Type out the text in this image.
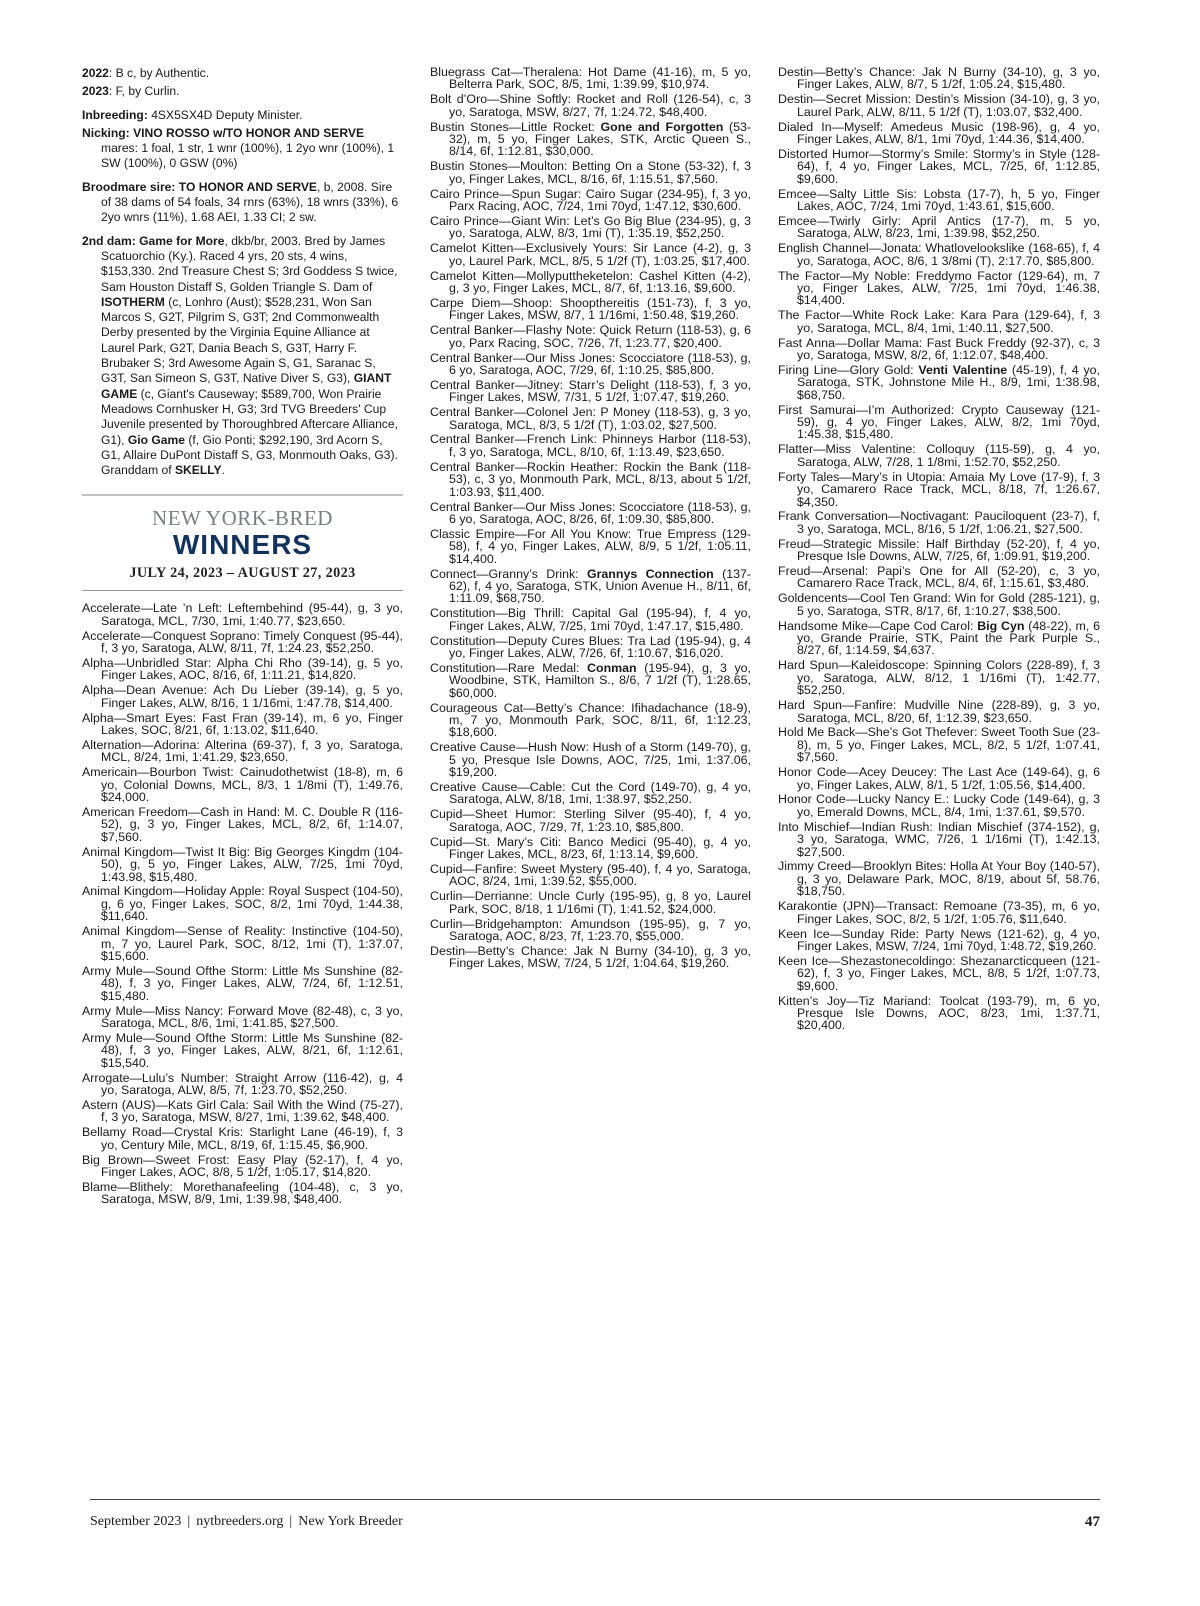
2022: B c, by Authentic.

2023: F, by Curlin.

Inbreeding: 4SX5SX4D Deputy Minister.

Nicking: VINO ROSSO w/TO HONOR AND SERVE mares: 1 foal, 1 str, 1 wnr (100%), 1 2yo wnr (100%), 1 SW (100%), 0 GSW (0%)

Broodmare sire: TO HONOR AND SERVE, b, 2008. Sire of 38 dams of 54 foals, 34 rnrs (63%), 18 wnrs (33%), 6 2yo wnrs (11%), 1.68 AEI, 1.33 CI; 2 sw.

2nd dam: Game for More, dkb/br, 2003. Bred by James Scatuorchio (Ky.). Raced 4 yrs, 20 sts, 4 wins, $153,330. 2nd Treasure Chest S; 3rd Goddess S twice, Sam Houston Distaff S, Golden Triangle S. Dam of ISOTHERM (c, Lonhro (Aust); $528,231, Won San Marcos S, G2T, Pilgrim S, G3T; 2nd Commonwealth Derby presented by the Virginia Equine Alliance at Laurel Park, G2T, Dania Beach S, G3T, Harry F. Brubaker S; 3rd Awesome Again S, G1, Saranac S, G3T, San Simeon S, G3T, Native Diver S, G3), GIANT GAME (c, Giant's Causeway; $589,700, Won Prairie Meadows Cornhusker H, G3; 3rd TVG Breeders' Cup Juvenile presented by Thoroughbred Aftercare Alliance, G1), Gio Game (f, Gio Ponti; $292,190, 3rd Acorn S, G1, Allaire DuPont Distaff S, G3, Monmouth Oaks, G3). Granddam of SKELLY.

NEW YORK-BRED
WINNERS
JULY 24, 2023 – AUGUST 27, 2023

Accelerate—Late ’n Left: Leftembehind (95-44), g, 3 yo, Saratoga, MCL, 7/30, 1mi, 1:40.77, $23,650.

Accelerate—Conquest Soprano: Timely Conquest (95-44), f, 3 yo, Saratoga, ALW, 8/11, 7f, 1:24.23, $52,250.

Alpha—Unbridled Star: Alpha Chi Rho (39-14), g, 5 yo, Finger Lakes, AOC, 8/16, 6f, 1:11.21, $14,820.

Alpha—Dean Avenue: Ach Du Lieber (39-14), g, 5 yo, Finger Lakes, ALW, 8/16, 1 1/16mi, 1:47.78, $14,400.

Alpha—Smart Eyes: Fast Fran (39-14), m, 6 yo, Finger Lakes, SOC, 8/21, 6f, 1:13.02, $11,640.

Alternation—Adorina: Alterina (69-37), f, 3 yo, Saratoga, MCL, 8/24, 1mi, 1:41.29, $23,650.

Americain—Bourbon Twist: Cainudothetwist (18-8), m, 6 yo, Colonial Downs, MCL, 8/3, 1 1/8mi (T), 1:49.76, $24,000.

American Freedom—Cash in Hand: M. C. Double R (116-52), g, 3 yo, Finger Lakes, MCL, 8/2, 6f, 1:14.07, $7,560.

Animal Kingdom—Twist It Big: Big Georges Kingdm (104-50), g, 5 yo, Finger Lakes, ALW, 7/25, 1mi 70yd, 1:43.98, $15,480.

Animal Kingdom—Holiday Apple: Royal Suspect (104-50), g, 6 yo, Finger Lakes, SOC, 8/2, 1mi 70yd, 1:44.38, $11,640.

Animal Kingdom—Sense of Reality: Instinctive (104-50), m, 7 yo, Laurel Park, SOC, 8/12, 1mi (T), 1:37.07, $15,600.

Army Mule—Sound Ofthe Storm: Little Ms Sunshine (82-48), f, 3 yo, Finger Lakes, ALW, 7/24, 6f, 1:12.51, $15,480.

Army Mule—Miss Nancy: Forward Move (82-48), c, 3 yo, Saratoga, MCL, 8/6, 1mi, 1:41.85, $27,500.

Army Mule—Sound Ofthe Storm: Little Ms Sunshine (82-48), f, 3 yo, Finger Lakes, ALW, 8/21, 6f, 1:12.61, $15,540.

Arrogate—Lulu’s Number: Straight Arrow (116-42), g, 4 yo, Saratoga, ALW, 8/5, 7f, 1:23.70, $52,250.

Astern (AUS)—Kats Girl Cala: Sail With the Wind (75-27), f, 3 yo, Saratoga, MSW, 8/27, 1mi, 1:39.62, $48,400.

Bellamy Road—Crystal Kris: Starlight Lane (46-19), f, 3 yo, Century Mile, MCL, 8/19, 6f, 1:15.45, $6,900.

Big Brown—Sweet Frost: Easy Play (52-17), f, 4 yo, Finger Lakes, AOC, 8/8, 5 1/2f, 1:05.17, $14,820.

Blame—Blithely: Morethanafeeling (104-48), c, 3 yo, Saratoga, MSW, 8/9, 1mi, 1:39.98, $48,400.

Bluegrass Cat—Theralena: Hot Dame (41-16), m, 5 yo, Belterra Park, SOC, 8/5, 1mi, 1:39.99, $10,974.

Bolt d’Oro—Shine Softly: Rocket and Roll (126-54), c, 3 yo, Saratoga, MSW, 8/27, 7f, 1:24.72, $48,400.

Bustin Stones—Little Rocket: Gone and Forgotten (53-32), m, 5 yo, Finger Lakes, STK, Arctic Queen S., 8/14, 6f, 1:12.81, $30,000.

Bustin Stones—Moulton: Betting On a Stone (53-32), f, 3 yo, Finger Lakes, MCL, 8/16, 6f, 1:15.51, $7,560.

Cairo Prince—Spun Sugar: Cairo Sugar (234-95), f, 3 yo, Parx Racing, AOC, 7/24, 1mi 70yd, 1:47.12, $30,600.

Cairo Prince—Giant Win: Let’s Go Big Blue (234-95), g, 3 yo, Saratoga, ALW, 8/3, 1mi (T), 1:35.19, $52,250.

Camelot Kitten—Exclusively Yours: Sir Lance (4-2), g, 3 yo, Laurel Park, MCL, 8/5, 5 1/2f (T), 1:03.25, $17,400.

Camelot Kitten—Mollyputtheketelon: Cashel Kitten (4-2), g, 3 yo, Finger Lakes, MCL, 8/7, 6f, 1:13.16, $9,600.

Carpe Diem—Shoop: Shoopthereitis (151-73), f, 3 yo, Finger Lakes, MSW, 8/7, 1 1/16mi, 1:50.48, $19,260.

Central Banker—Flashy Note: Quick Return (118-53), g, 6 yo, Parx Racing, SOC, 7/26, 7f, 1:23.77, $20,400.

Central Banker—Our Miss Jones: Scocciatore (118-53), g, 6 yo, Saratoga, AOC, 7/29, 6f, 1:10.25, $85,800.

Central Banker—Jitney: Starr’s Delight (118-53), f, 3 yo, Finger Lakes, MSW, 7/31, 5 1/2f, 1:07.47, $19,260.

Central Banker—Colonel Jen: P Money (118-53), g, 3 yo, Saratoga, MCL, 8/3, 5 1/2f (T), 1:03.02, $27,500.

Central Banker—French Link: Phinneys Harbor (118-53), f, 3 yo, Saratoga, MCL, 8/10, 6f, 1:13.49, $23,650.

Central Banker—Rockin Heather: Rockin the Bank (118-53), c, 3 yo, Monmouth Park, MCL, 8/13, about 5 1/2f, 1:03.93, $11,400.

Central Banker—Our Miss Jones: Scocciatore (118-53), g, 6 yo, Saratoga, AOC, 8/26, 6f, 1:09.30, $85,800.

Classic Empire—For All You Know: True Empress (129-58), f, 4 yo, Finger Lakes, ALW, 8/9, 5 1/2f, 1:05.11, $14,400.

Connect—Granny’s Drink: Grannys Connection (137-62), f, 4 yo, Saratoga, STK, Union Avenue H., 8/11, 6f, 1:11.09, $68,750.

Constitution—Big Thrill: Capital Gal (195-94), f, 4 yo, Finger Lakes, ALW, 7/25, 1mi 70yd, 1:47.17, $15,480.

Constitution—Deputy Cures Blues: Tra Lad (195-94), g, 4 yo, Finger Lakes, ALW, 7/26, 6f, 1:10.67, $16,020.

Constitution—Rare Medal: Conman (195-94), g, 3 yo, Woodbine, STK, Hamilton S., 8/6, 7 1/2f (T), 1:28.65, $60,000.

Courageous Cat—Betty’s Chance: Ifihadachance (18-9), m, 7 yo, Monmouth Park, SOC, 8/11, 6f, 1:12.23, $18,600.

Creative Cause—Hush Now: Hush of a Storm (149-70), g, 5 yo, Presque Isle Downs, AOC, 7/25, 1mi, 1:37.06, $19,200.

Creative Cause—Cable: Cut the Cord (149-70), g, 4 yo, Saratoga, ALW, 8/18, 1mi, 1:38.97, $52,250.

Cupid—Sheet Humor: Sterling Silver (95-40), f, 4 yo, Saratoga, AOC, 7/29, 7f, 1:23.10, $85,800.

Cupid—St. Mary’s Citi: Banco Medici (95-40), g, 4 yo, Finger Lakes, MCL, 8/23, 6f, 1:13.14, $9,600.

Cupid—Fanfire: Sweet Mystery (95-40), f, 4 yo, Saratoga, AOC, 8/24, 1mi, 1:39.52, $55,000.

Curlin—Derrianne: Uncle Curly (195-95), g, 8 yo, Laurel Park, SOC, 8/18, 1 1/16mi (T), 1:41.52, $24,000.

Curlin—Bridgehampton: Amundson (195-95), g, 7 yo, Saratoga, AOC, 8/23, 7f, 1:23.70, $55,000.

Destin—Betty’s Chance: Jak N Burny (34-10), g, 3 yo, Finger Lakes, MSW, 7/24, 5 1/2f, 1:04.64, $19,260.

Destin—Betty’s Chance: Jak N Burny (34-10), g, 3 yo, Finger Lakes, ALW, 8/7, 5 1/2f, 1:05.24, $15,480.

Destin—Secret Mission: Destin’s Mission (34-10), g, 3 yo, Laurel Park, ALW, 8/11, 5 1/2f (T), 1:03.07, $32,400.

Dialed In—Myself: Amedeus Music (198-96), g, 4 yo, Finger Lakes, ALW, 8/1, 1mi 70yd, 1:44.36, $14,400.

Distorted Humor—Stormy’s Smile: Stormy’s in Style (128-64), f, 4 yo, Finger Lakes, MCL, 7/25, 6f, 1:12.85, $9,600.

Emcee—Salty Little Sis: Lobsta (17-7), h, 5 yo, Finger Lakes, AOC, 7/24, 1mi 70yd, 1:43.61, $15,600.

Emcee—Twirly Girly: April Antics (17-7), m, 5 yo, Saratoga, ALW, 8/23, 1mi, 1:39.98, $52,250.

English Channel—Jonata: Whatlovelookslike (168-65), f, 4 yo, Saratoga, AOC, 8/6, 1 3/8mi (T), 2:17.70, $85,800.

The Factor—My Noble: Freddymo Factor (129-64), m, 7 yo, Finger Lakes, ALW, 7/25, 1mi 70yd, 1:46.38, $14,400.

The Factor—White Rock Lake: Kara Para (129-64), f, 3 yo, Saratoga, MCL, 8/4, 1mi, 1:40.11, $27,500.

Fast Anna—Dollar Mama: Fast Buck Freddy (92-37), c, 3 yo, Saratoga, MSW, 8/2, 6f, 1:12.07, $48,400.

Firing Line—Glory Gold: Venti Valentine (45-19), f, 4 yo, Saratoga, STK, Johnstone Mile H., 8/9, 1mi, 1:38.98, $68,750.

First Samurai—I’m Authorized: Crypto Causeway (121-59), g, 4 yo, Finger Lakes, ALW, 8/2, 1mi 70yd, 1:45.38, $15,480.

Flatter—Miss Valentine: Colloquy (115-59), g, 4 yo, Saratoga, ALW, 7/28, 1 1/8mi, 1:52.70, $52,250.

Forty Tales—Mary’s in Utopia: Amaia My Love (17-9), f, 3 yo, Camarero Race Track, MCL, 8/18, 7f, 1:26.67, $4,350.

Frank Conversation—Noctivagant: Pauciloquent (23-7), f, 3 yo, Saratoga, MCL, 8/16, 5 1/2f, 1:06.21, $27,500.

Freud—Strategic Missile: Half Birthday (52-20), f, 4 yo, Presque Isle Downs, ALW, 7/25, 6f, 1:09.91, $19,200.

Freud—Arsenal: Papi’s One for All (52-20), c, 3 yo, Camarero Race Track, MCL, 8/4, 6f, 1:15.61, $3,480.

Goldencents—Cool Ten Grand: Win for Gold (285-121), g, 5 yo, Saratoga, STR, 8/17, 6f, 1:10.27, $38,500.

Handsome Mike—Cape Cod Carol: Big Cyn (48-22), m, 6 yo, Grande Prairie, STK, Paint the Park Purple S., 8/27, 6f, 1:14.59, $4,637.

Hard Spun—Kaleidoscope: Spinning Colors (228-89), f, 3 yo, Saratoga, ALW, 8/12, 1 1/16mi (T), 1:42.77, $52,250.

Hard Spun—Fanfire: Mudville Nine (228-89), g, 3 yo, Saratoga, MCL, 8/20, 6f, 1:12.39, $23,650.

Hold Me Back—She’s Got Thefever: Sweet Tooth Sue (23-8), m, 5 yo, Finger Lakes, MCL, 8/2, 5 1/2f, 1:07.41, $7,560.

Honor Code—Acey Deucey: The Last Ace (149-64), g, 6 yo, Finger Lakes, ALW, 8/1, 5 1/2f, 1:05.56, $14,400.

Honor Code—Lucky Nancy E.: Lucky Code (149-64), g, 3 yo, Emerald Downs, MCL, 8/4, 1mi, 1:37.61, $9,570.

Into Mischief—Indian Rush: Indian Mischief (374-152), g, 3 yo, Saratoga, WMC, 7/26, 1 1/16mi (T), 1:42.13, $27,500.

Jimmy Creed—Brooklyn Bites: Holla At Your Boy (140-57), g, 3 yo, Delaware Park, MOC, 8/19, about 5f, 58.76, $18,750.

Karakontie (JPN)—Transact: Remoane (73-35), m, 6 yo, Finger Lakes, SOC, 8/2, 5 1/2f, 1:05.76, $11,640.

Keen Ice—Sunday Ride: Party News (121-62), g, 4 yo, Finger Lakes, MSW, 7/24, 1mi 70yd, 1:48.72, $19,260.

Keen Ice—Shezastonecoldingo: Shezanarcticqueen (121-62), f, 3 yo, Finger Lakes, MCL, 8/8, 5 1/2f, 1:07.73, $9,600.

Kitten’s Joy—Tiz Mariand: Toolcat (193-79), m, 6 yo, Presque Isle Downs, AOC, 8/23, 1mi, 1:37.71, $20,400.

September 2023 | nytbreeders.org | New York Breeder	47
